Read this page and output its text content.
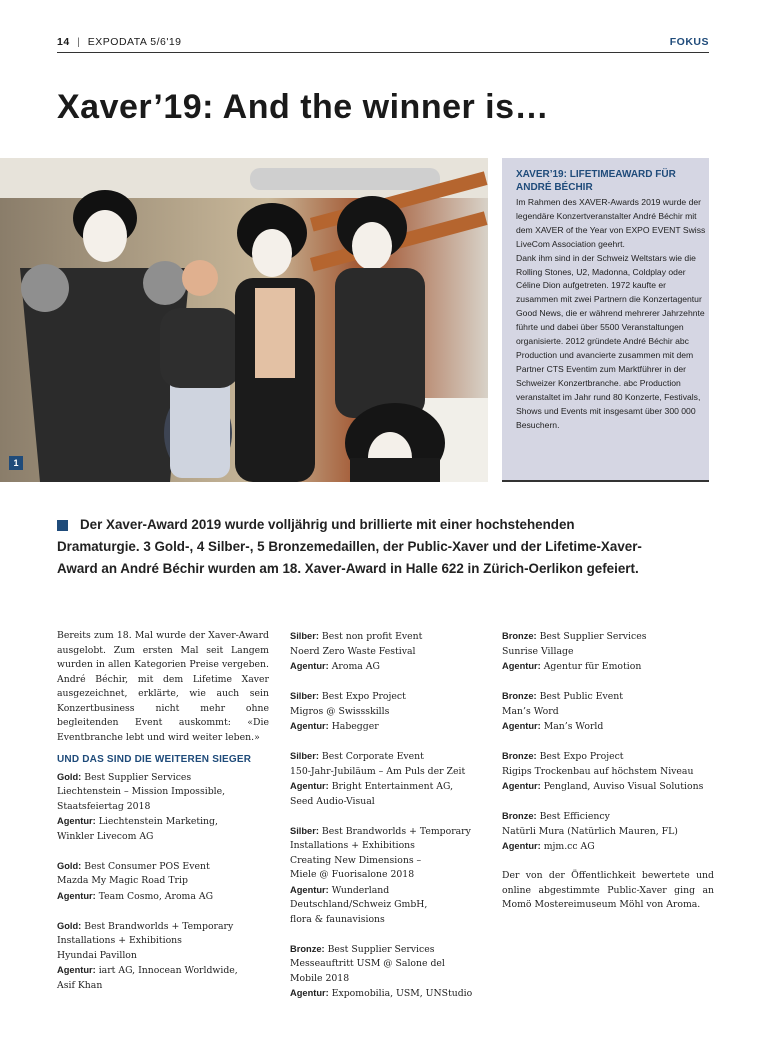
14 | EXPODATA 5/6'19	FOKUS
Xaver’19: And the winner is…
1
XAVER’19: LIFETIMEAWARD FÜR ANDRÉ BÉCHIR

Im Rahmen des XAVER-Awards 2019 wurde der legendäre Konzertveranstalter André Béchir mit dem XAVER of the Year von EXPO EVENT Swiss LiveCom Association geehrt.

Dank ihm sind in der Schweiz Weltstars wie die Rolling Stones, U2, Madonna, Coldplay oder Céline Dion aufgetreten. 1972 kaufte er zusammen mit zwei Partnern die Konzertagentur Good News, die er während mehrerer Jahrzehnte führte und dabei über 5500 Veranstaltungen organisierte. 2012 gründete André Béchir abc Production und avancierte zusammen mit dem Partner CTS Eventim zum Marktführer in der Schweizer Konzertbranche. abc Production veranstaltet im Jahr rund 80 Konzerte, Festivals, Shows und Events mit insgesamt über 300 000 Besuchern.

Der Xaver-Award 2019 wurde volljährig und brillierte mit einer hochstehenden Dramaturgie. 3 Gold-, 4 Silber-, 5 Bronzemedaillen, der Public-Xaver und der Lifetime-Xaver-Award an André Béchir wurden am 18. Xaver-Award in Halle 622 in Zürich-Oerlikon gefeiert.
Bereits zum 18. Mal wurde der Xaver-Award ausgelobt. Zum ersten Mal seit Langem wurden in allen Kategorien Preise vergeben. André Béchir, mit dem Lifetime Xaver ausgezeichnet, erklärte, wie auch sein Konzertbusiness nicht mehr ohne begleitenden Event auskommt: «Die Eventbranche lebt und wird weiter leben.»
UND DAS SIND DIE WEITEREN SIEGER
Gold: Best Supplier Services
Liechtenstein – Mission Impossible,
Staatsfeiertag 2018
Agentur: Liechtenstein Marketing,
Winkler Livecom AG
Gold: Best Consumer POS Event
Mazda My Magic Road Trip
Agentur: Team Cosmo, Aroma AG
Gold: Best Brandworlds + Temporary
Installations + Exhibitions
Hyundai Pavillon
Agentur: iart AG, Innocean Worldwide,
Asif Khan
Silber: Best non profit Event
Noerd Zero Waste Festival
Agentur: Aroma AG
Silber: Best Expo Project
Migros @ Swissskills
Agentur: Habegger
Silber: Best Corporate Event
150-Jahr-Jubiläum – Am Puls der Zeit
Agentur: Bright Entertainment AG,
Seed Audio-Visual
Silber: Best Brandworlds + Temporary
Installations + Exhibitions
Creating New Dimensions –
Miele @ Fuorisalone 2018
Agentur: Wunderland
Deutschland/Schweiz GmbH,
flora & faunavisions
Bronze: Best Supplier Services
Messeauftritt USM @ Salone del
Mobile 2018
Agentur: Expomobilia, USM, UNStudio
Bronze: Best Supplier Services
Sunrise Village
Agentur: Agentur für Emotion
Bronze: Best Public Event
Man’s Word
Agentur: Man’s World
Bronze: Best Expo Project
Rigips Trockenbau auf höchstem Niveau
Agentur: Pengland, Auviso Visual Solutions
Bronze: Best Efficiency
Natürli Mura (Natürlich Mauren, FL)
Agentur: mjm.cc AG
Der von der Öffentlichkeit bewertete und online abgestimmte Public-Xaver ging an Momö Mostereimuseum Möhl von Aroma.
